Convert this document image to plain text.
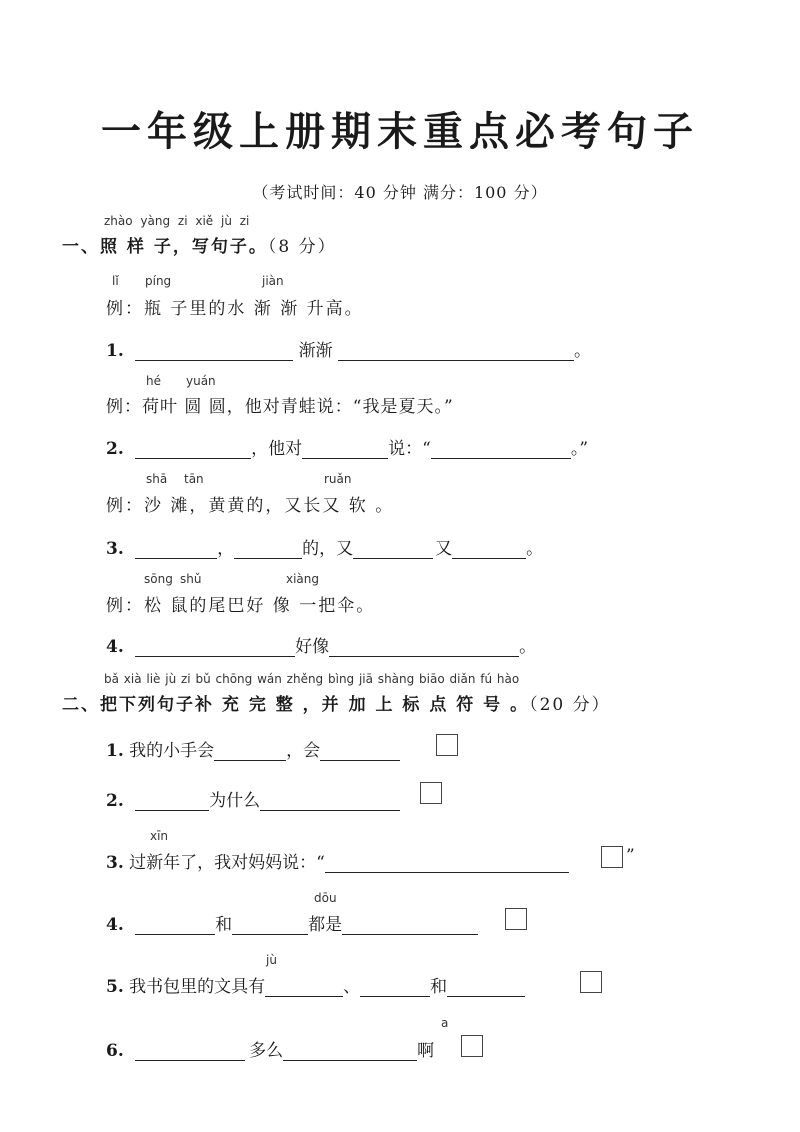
一年级上册期末重点必考句子
（考试时间：40 分钟 满分：100 分）
zhào yàng zi xiě jù zi
一、照 样 子，写句子。（8 分）
lǐ píng	jiàn
例：瓶 子里的水 渐 渐 升高。
1.	渐渐	。
hé yuán
例：荷叶 圆 圆，他对青蛙说：“我是夏天。”
2.	，他对	说：“	。”
shā tān	ruǎn
例：沙 滩，黄黄的，又长又 软 。
3.	，	的，又	又	。
sōng shǔ	xiàng
例：松 鼠的尾巴好 像 一把伞。
4.	好像	。
bǎ xià liè jù zi bǔ chōng wán zhěng bìng jiā shàng biāo diǎn fú hào
二、把下列句子补 充 完 整 ，并 加 上 标 点 符 号 。（20 分）
1. 我的小手会	，会
2.	为什么
xīn
3. 过新年了，我对妈妈说：“	”
dōu
4.	和	都是
jù
5. 我书包里的文具有	、	和
a
6.	多么	啊
